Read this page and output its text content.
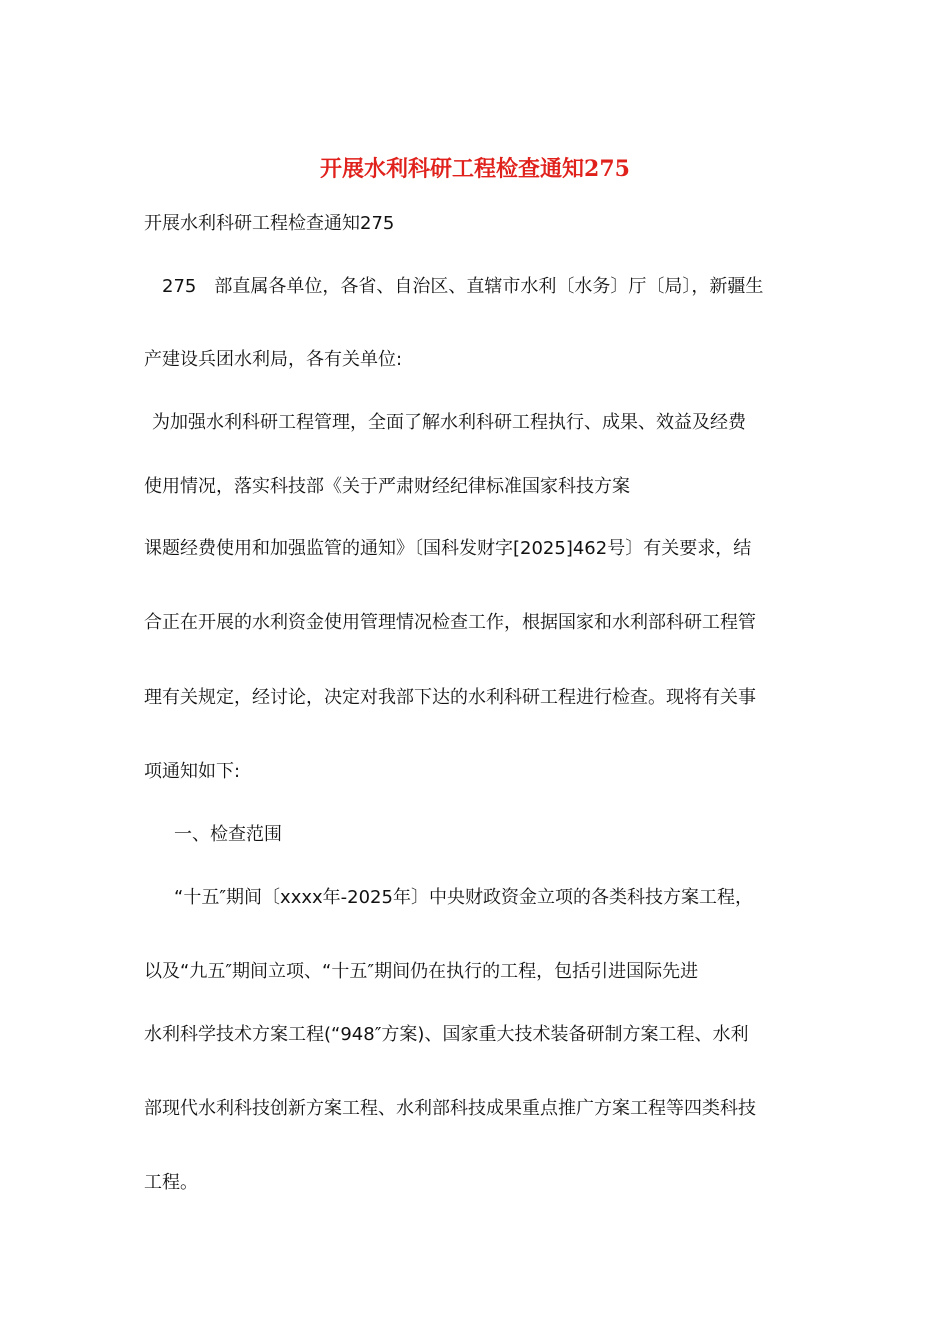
开展水利科研工程检查通知275
开展水利科研工程检查通知275
275　部直属各单位，各省、自治区、直辖市水利〔水务〕厅〔局〕，新疆生
产建设兵团水利局，各有关单位:
为加强水利科研工程管理，全面了解水利科研工程执行、成果、效益及经费
使用情况，落实科技部《关于严肃财经纪律标准国家科技方案
课题经费使用和加强监管的通知》〔国科发财字[2025]462号〕有关要求，结
合正在开展的水利资金使用管理情况检查工作，根据国家和水利部科研工程管
理有关规定，经讨论，决定对我部下达的水利科研工程进行检查。现将有关事
项通知如下:
一、检查范围
“十五″期间〔xxxx年-2025年〕中央财政资金立项的各类科技方案工程，
以及“九五″期间立项、“十五″期间仍在执行的工程，包括引进国际先进
水利科学技术方案工程(“948″方案)、国家重大技术装备研制方案工程、水利
部现代水利科技创新方案工程、水利部科技成果重点推广方案工程等四类科技
工程。
